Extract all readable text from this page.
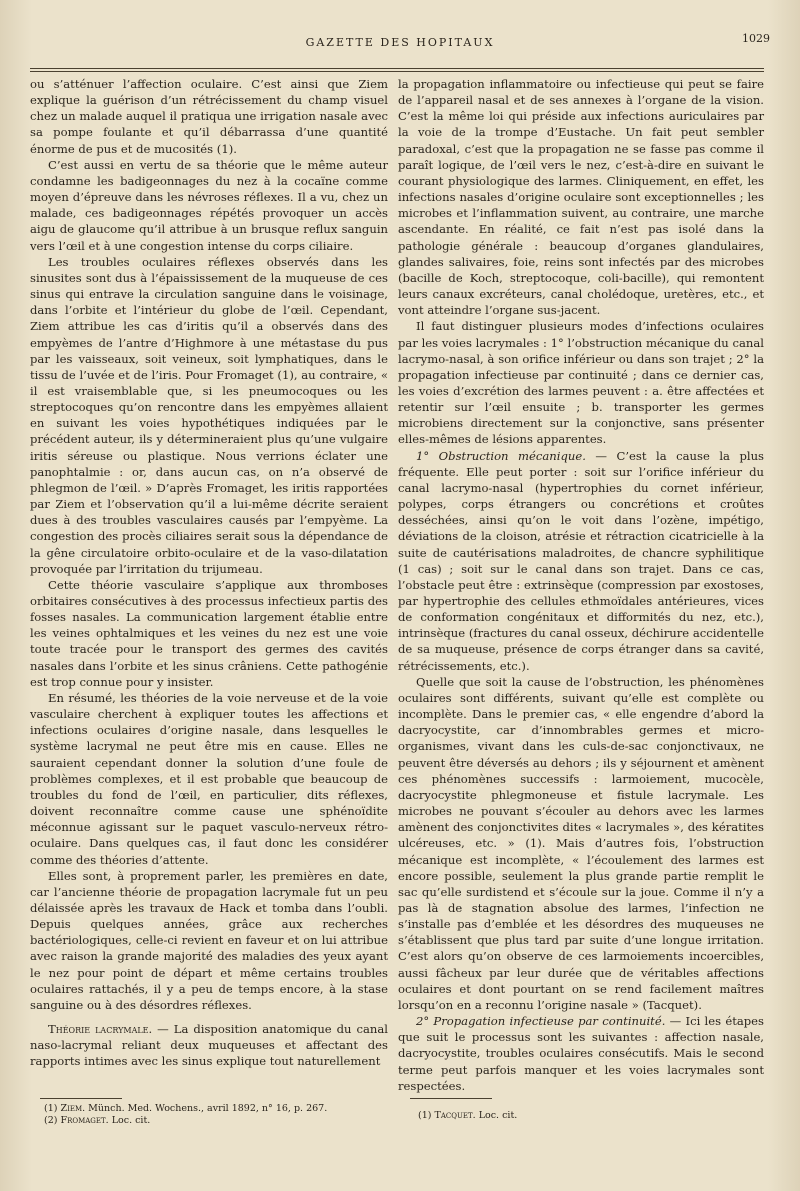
GAZETTE DES HOPITAUX	1029

ou s’atténuer l’affection oculaire. C’est ainsi que Ziem explique la guérison d’un rétrécissement du champ visuel chez un malade auquel il pratiqua une irrigation nasale avec sa pompe foulante et qu’il débarrassa d’une quantité énorme de pus et de mucosités (1).

C’est aussi en vertu de sa théorie que le même auteur condamne les badigeonnages du nez à la cocaïne comme moyen d’épreuve dans les névroses réflexes. Il a vu, chez un malade, ces badigeonnages répétés provoquer un accès aigu de glaucome qu’il attribue à un brusque reflux sanguin vers l’œil et à une congestion intense du corps ciliaire.

Les troubles oculaires réflexes observés dans les sinusites sont dus à l’épaississement de la muqueuse de ces sinus qui entrave la circulation sanguine dans le voisinage, dans l’orbite et l’intérieur du globe de l’œil. Cependant, Ziem attribue les cas d’iritis qu’il a observés dans des empyèmes de l’antre d’Highmore à une métastase du pus par les vaisseaux, soit veineux, soit lymphatiques, dans le tissu de l’uvée et de l’iris. Pour Fromaget (1), au contraire, « il est vraisemblable que, si les pneumocoques ou les streptocoques qu’on rencontre dans les empyèmes allaient en suivant les voies hypothétiques indiquées par le précédent auteur, ils y détermineraient plus qu’une vulgaire iritis séreuse ou plastique. Nous verrions éclater une panophtalmie : or, dans aucun cas, on n’a observé de phlegmon de l’œil. » D’après Fromaget, les iritis rapportées par Ziem et l’observation qu’il a lui-même décrite seraient dues à des troubles vasculaires causés par l’empyème. La congestion des procès ciliaires serait sous la dépendance de la gêne circulatoire orbito-oculaire et de la vaso-dilatation provoquée par l’irritation du trijumeau.

Cette théorie vasculaire s’applique aux thromboses orbitaires consécutives à des processus infectieux partis des fosses nasales. La communication largement établie entre les veines ophtalmiques et les veines du nez est une voie toute tracée pour le transport des germes des cavités nasales dans l’orbite et les sinus crâniens. Cette pathogénie est trop connue pour y insister.

En résumé, les théories de la voie nerveuse et de la voie vasculaire cherchent à expliquer toutes les affections et infections oculaires d’origine nasale, dans lesquelles le système lacrymal ne peut être mis en cause. Elles ne sauraient cependant donner la solution d’une foule de problèmes complexes, et il est probable que beaucoup de troubles du fond de l’œil, en particulier, dits réflexes, doivent reconnaître comme cause une sphénoïdite méconnue agissant sur le paquet vasculo-nerveux rétro-oculaire. Dans quelques cas, il faut donc les considérer comme des théories d’attente.

Elles sont, à proprement parler, les premières en date, car l’ancienne théorie de propagation lacrymale fut un peu délaissée après les travaux de Hack et tomba dans l’oubli. Depuis quelques années, grâce aux recherches bactériologiques, celle-ci revient en faveur et on lui attribue avec raison la grande majorité des maladies des yeux ayant le nez pour point de départ et même certains troubles oculaires rattachés, il y a peu de temps encore, à la stase sanguine ou à des désordres réflexes.

Théorie lacrymale. — La disposition anatomique du canal naso-lacrymal reliant deux muqueuses et affectant des rapports intimes avec les sinus explique tout naturellement

la propagation inflammatoire ou infectieuse qui peut se faire de l’appareil nasal et de ses annexes à l’organe de la vision. C’est la même loi qui préside aux infections auriculaires par la voie de la trompe d’Eustache. Un fait peut sembler paradoxal, c’est que la propagation ne se fasse pas comme il paraît logique, de l’œil vers le nez, c’est-à-dire en suivant le courant physiologique des larmes. Cliniquement, en effet, les infections nasales d’origine oculaire sont exceptionnelles ; les microbes et l’inflammation suivent, au contraire, une marche ascendante. En réalité, ce fait n’est pas isolé dans la pathologie générale : beaucoup d’organes glandulaires, glandes salivaires, foie, reins sont infectés par des microbes (bacille de Koch, streptocoque, coli-bacille), qui remontent leurs canaux excréteurs, canal cholédoque, uretères, etc., et vont atteindre l’organe sus-jacent.

Il faut distinguer plusieurs modes d’infections oculaires par les voies lacrymales : 1° l’obstruction mécanique du canal lacrymo-nasal, à son orifice inférieur ou dans son trajet ; 2° la propagation infectieuse par continuité ; dans ce dernier cas, les voies d’excrétion des larmes peuvent : a. être affectées et retentir sur l’œil ensuite ; b. transporter les germes microbiens directement sur la conjonctive, sans présenter elles-mêmes de lésions apparentes.

1° Obstruction mécanique. — C’est la cause la plus fréquente. Elle peut porter : soit sur l’orifice inférieur du canal lacrymo-nasal (hypertrophies du cornet inférieur, polypes, corps étrangers ou concrétions et croûtes desséchées, ainsi qu’on le voit dans l’ozène, impétigo, déviations de la cloison, atrésie et rétraction cicatricielle à la suite de cautérisations maladroites, de chancre syphilitique (1 cas) ; soit sur le canal dans son trajet. Dans ce cas, l’obstacle peut être : extrinsèque (compression par exostoses, par hypertrophie des cellules ethmoïdales antérieures, vices de conformation congénitaux et difformités du nez, etc.), intrinsèque (fractures du canal osseux, déchirure accidentelle de sa muqueuse, présence de corps étranger dans sa cavité, rétrécissements, etc.).

Quelle que soit la cause de l’obstruction, les phénomènes oculaires sont différents, suivant qu’elle est complète ou incomplète. Dans le premier cas, « elle engendre d’abord la dacryocystite, car d’innombrables germes et micro-organismes, vivant dans les culs-de-sac conjonctivaux, ne peuvent être déversés au dehors ; ils y séjournent et amènent ces phénomènes successifs : larmoiement, mucocèle, dacryocystite phlegmoneuse et fistule lacrymale. Les microbes ne pouvant s’écouler au dehors avec les larmes amènent des conjonctivites dites « lacrymales », des kératites ulcéreuses, etc. » (1). Mais d’autres fois, l’obstruction mécanique est incomplète, « l’écoulement des larmes est encore possible, seulement la plus grande partie remplit le sac qu’elle surdistend et s’écoule sur la joue. Comme il n’y a pas là de stagnation absolue des larmes, l’infection ne s’installe pas d’emblée et les désordres des muqueuses ne s’établissent que plus tard par suite d’une longue irritation. C’est alors qu’on observe de ces larmoiements incoercibles, aussi fâcheux par leur durée que de véritables affections oculaires et dont pourtant on se rend facilement maîtres lorsqu’on en a reconnu l’origine nasale » (Tacquet).

2° Propagation infectieuse par continuité. — Ici les étapes que suit le processus sont les suivantes : affection nasale, dacryocystite, troubles oculaires consécutifs. Mais le second terme peut parfois manquer et les voies lacrymales sont respectées.

(1) Ziem. Münch. Med. Wochens., avril 1892, n° 16, p. 267.

(2) Fromaget. Loc. cit.	(1) Tacquet. Loc. cit.
